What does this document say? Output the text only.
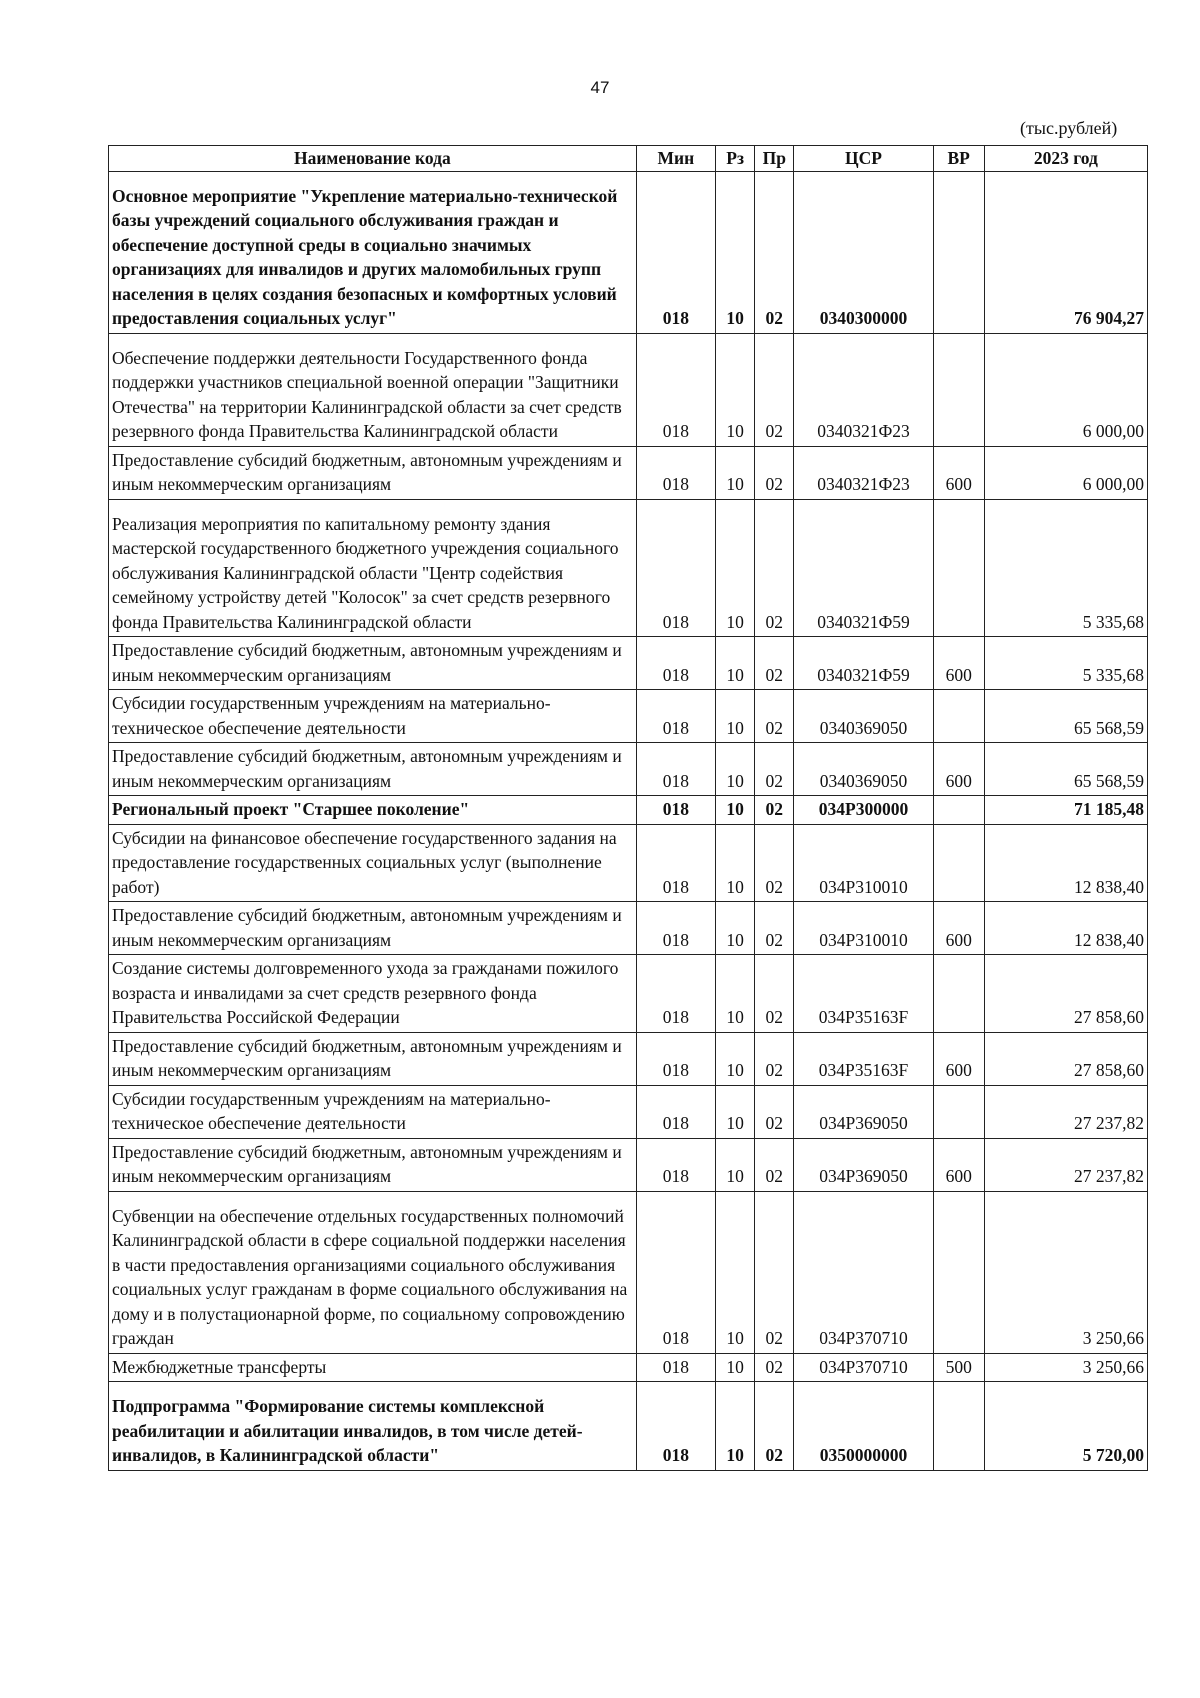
47
(тыс.рублей)
Наименование кода	Мин	Рз	Пр	ЦСР	ВР	2023 год
Основное мероприятие "Укрепление материально-технической базы учреждений социального обслуживания граждан и обеспечение доступной среды в социально значимых организациях для инвалидов и других маломобильных групп населения в целях создания безопасных и комфортных условий предоставления социальных услуг"	018	10	02	0340300000		76 904,27
Обеспечение поддержки деятельности Государственного фонда поддержки участников специальной военной операции "Защитники Отечества" на территории Калининградской области за счет средств резервного фонда Правительства Калининградской области	018	10	02	0340321Ф23		6 000,00
Предоставление субсидий бюджетным, автономным учреждениям и иным некоммерческим организациям	018	10	02	0340321Ф23	600	6 000,00
Реализация мероприятия по капитальному ремонту здания мастерской государственного бюджетного учреждения социального обслуживания Калининградской области "Центр содействия семейному устройству детей "Колосок" за счет средств резервного фонда Правительства Калининградской области	018	10	02	0340321Ф59		5 335,68
Предоставление субсидий бюджетным, автономным учреждениям и иным некоммерческим организациям	018	10	02	0340321Ф59	600	5 335,68
Субсидии государственным учреждениям на материально-техническое обеспечение деятельности	018	10	02	0340369050		65 568,59
Предоставление субсидий бюджетным, автономным учреждениям и иным некоммерческим организациям	018	10	02	0340369050	600	65 568,59
Региональный проект "Старшее поколение"	018	10	02	034P300000		71 185,48
Субсидии на финансовое обеспечение государственного задания на предоставление государственных социальных услуг (выполнение работ)	018	10	02	034P310010		12 838,40
Предоставление субсидий бюджетным, автономным учреждениям и иным некоммерческим организациям	018	10	02	034P310010	600	12 838,40
Создание системы долговременного ухода за гражданами пожилого возраста и инвалидами за счет средств резервного фонда Правительства Российской Федерации	018	10	02	034P35163F		27 858,60
Предоставление субсидий бюджетным, автономным учреждениям и иным некоммерческим организациям	018	10	02	034P35163F	600	27 858,60
Субсидии государственным учреждениям на материально-техническое обеспечение деятельности	018	10	02	034P369050		27 237,82
Предоставление субсидий бюджетным, автономным учреждениям и иным некоммерческим организациям	018	10	02	034P369050	600	27 237,82
Субвенции на обеспечение отдельных государственных полномочий Калининградской области в сфере социальной поддержки населения в части предоставления организациями социального обслуживания социальных услуг гражданам в форме социального обслуживания на дому и в полустационарной форме, по социальному сопровождению граждан	018	10	02	034P370710		3 250,66
Межбюджетные трансферты	018	10	02	034P370710	500	3 250,66
Подпрограмма "Формирование системы комплексной реабилитации и абилитации инвалидов, в том числе детей-инвалидов, в Калининградской области"	018	10	02	0350000000		5 720,00
